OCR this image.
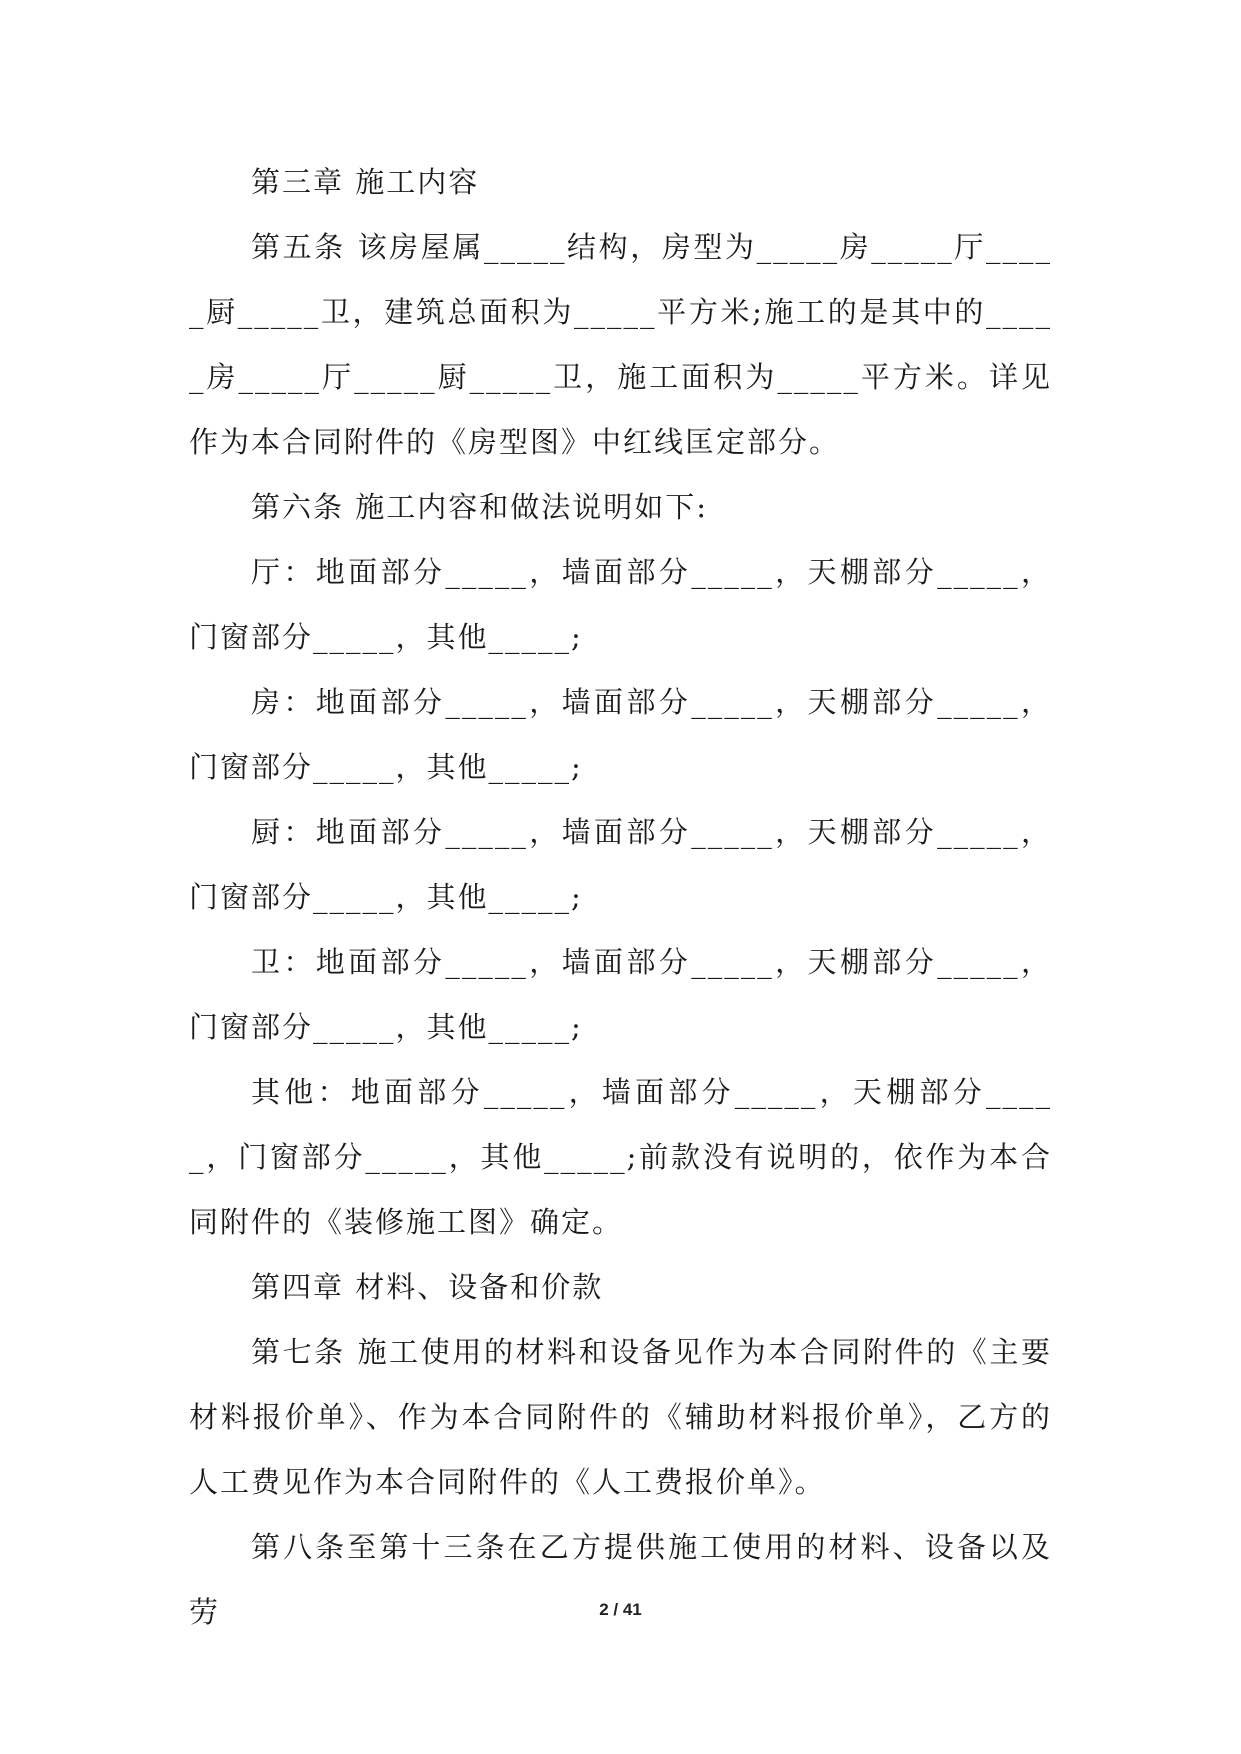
第三章 施工内容

第五条 该房屋属_____结构，房型为_____房_____厅_____厨_____卫，建筑总面积为_____平方米;施工的是其中的_____房_____厅_____厨_____卫，施工面积为_____平方米。详见作为本合同附件的《房型图》中红线匡定部分。

第六条 施工内容和做法说明如下:

厅：地面部分_____，墙面部分_____，天棚部分_____，门窗部分_____，其他_____;

房：地面部分_____，墙面部分_____，天棚部分_____，门窗部分_____，其他_____;

厨：地面部分_____，墙面部分_____，天棚部分_____，门窗部分_____，其他_____;

卫：地面部分_____，墙面部分_____，天棚部分_____，门窗部分_____，其他_____;

其他：地面部分_____，墙面部分_____，天棚部分_____，门窗部分_____，其他_____;前款没有说明的，依作为本合同附件的《装修施工图》确定。

第四章 材料、设备和价款

第七条 施工使用的材料和设备见作为本合同附件的《主要材料报价单》、作为本合同附件的《辅助材料报价单》，乙方的人工费见作为本合同附件的《人工费报价单》。

第八条至第十三条在乙方提供施工使用的材料、设备以及劳	2 / 41
